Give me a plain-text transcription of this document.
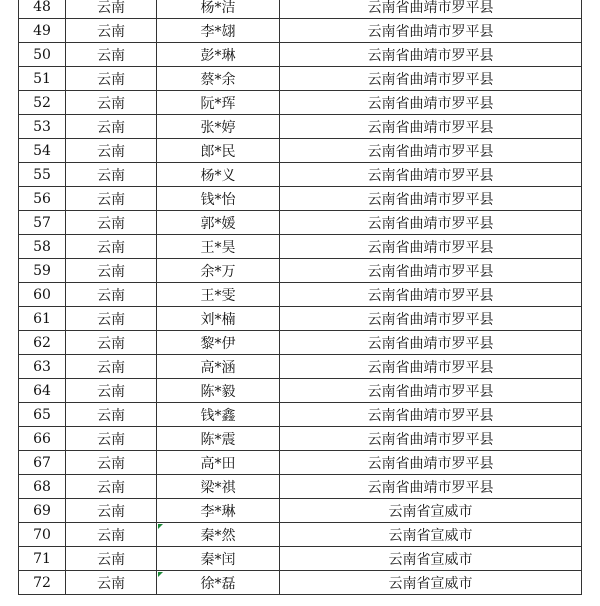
48	云南	杨*洁	云南省曲靖市罗平县
49	云南	李*翃	云南省曲靖市罗平县
50	云南	彭*琳	云南省曲靖市罗平县
51	云南	蔡*余	云南省曲靖市罗平县
52	云南	阮*珲	云南省曲靖市罗平县
53	云南	张*婷	云南省曲靖市罗平县
54	云南	郎*民	云南省曲靖市罗平县
55	云南	杨*义	云南省曲靖市罗平县
56	云南	钱*怡	云南省曲靖市罗平县
57	云南	郭*媛	云南省曲靖市罗平县
58	云南	王*昊	云南省曲靖市罗平县
59	云南	余*万	云南省曲靖市罗平县
60	云南	王*雯	云南省曲靖市罗平县
61	云南	刘*楠	云南省曲靖市罗平县
62	云南	黎*伊	云南省曲靖市罗平县
63	云南	高*涵	云南省曲靖市罗平县
64	云南	陈*毅	云南省曲靖市罗平县
65	云南	钱*鑫	云南省曲靖市罗平县
66	云南	陈*震	云南省曲靖市罗平县
67	云南	高*田	云南省曲靖市罗平县
68	云南	梁*祺	云南省曲靖市罗平县
69	云南	李*琳	云南省宣威市
70	云南	秦*然	云南省宣威市
71	云南	秦*闰	云南省宣威市
72	云南	徐*磊	云南省宣威市
